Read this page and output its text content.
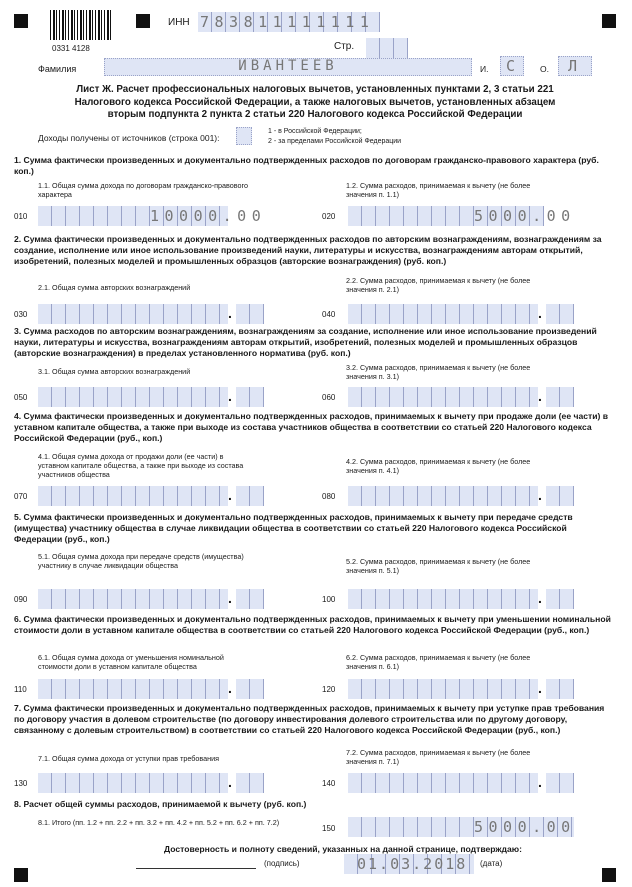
0331 4128
ИНН 783811111111
Стр.
Фамилия	ИВАНТЕЕВ	И. С О. Л
Лист Ж. Расчет профессиональных налоговых вычетов, установленных пунктами 2, 3 статьи 221 Налогового кодекса Российской Федерации, а также налоговых вычетов, установленных абзацем вторым подпункта 2 пункта 2 статьи 220 Налогового кодекса Российской Федерации
Доходы получены от источников (строка 001):
1 - в Российской Федерации;
2 - за пределами Российской Федерации
1. Сумма фактически произведенных и документально подтвержденных расходов по договорам гражданско-правового характера (руб. коп.)
1.1. Общая сумма дохода по договорам гражданско-правового характера
1.2. Сумма расходов, принимаемая к вычету (не более значения п. 1.1)
010	10000.00	020	5000.00
2. Сумма фактически произведенных и документально подтвержденных расходов по авторским вознаграждениям, вознаграждениям за создание, исполнение или иное использование произведений науки, литературы и искусства, вознаграждениям авторам открытий, изобретений, полезных моделей и промышленных образцов (авторские вознаграждения) (руб. коп.)
2.1. Общая сумма авторских вознаграждений
2.2. Сумма расходов, принимаемая к вычету (не более значения п. 2.1)
030	.	040	.
3. Сумма расходов по авторским вознаграждениям, вознаграждениям за создание, исполнение или иное использование произведений науки, литературы и искусства, вознаграждениям авторам открытий, изобретений, полезных моделей и промышленных образцов (авторские вознаграждения) в пределах установленного норматива (руб. коп.)
3.1. Общая сумма авторских вознаграждений	3.2. Сумма расходов, принимаемая к вычету (не более значения п. 3.1)
050	.	060	.
4. Сумма фактически произведенных и документально подтвержденных расходов, принимаемых к вычету при продаже доли (ее части) в уставном капитале общества, а также при выходе из состава участников общества в соответствии со статьей 220 Налогового кодекса Российской Федерации (руб., коп.)
4.1. Общая сумма дохода от продажи доли (ее части) в уставном капитале общества, а также при выходе из состава участников общества
4.2. Сумма расходов, принимаемая к вычету (не более значения п. 4.1)
070	.	080	.
5. Сумма фактически произведенных и документально подтвержденных расходов, принимаемых к вычету при передаче средств (имущества) участнику общества в случае ликвидации общества в соответствии со статьей 220 Налогового кодекса Российской Федерации (руб., коп.)
5.1. Общая сумма дохода при передаче средств (имущества) участнику в случае ликвидации общества	5.2. Сумма расходов, принимаемая к вычету (не более значения п. 5.1)
090	.	100	.
6. Сумма фактически произведенных и документально подтвержденных расходов, принимаемых к вычету при уменьшении номинальной стоимости доли в уставном капитале общества в соответствии со статьей 220 Налогового кодекса Российской Федерации (руб., коп.)
6.1. Общая сумма дохода от уменьшения номинальной стоимости доли в уставном капитале общества
6.2. Сумма расходов, принимаемая к вычету (не более значения п. 6.1)
110	.	120	.
7. Сумма фактически произведенных и документально подтвержденных расходов, принимаемых к вычету при уступке прав требования по договору участия в долевом строительстве (по договору инвестирования долевого строительства или по другому договору, связанному с долевым строительством) в соответствии со статьей 220 Налогового кодекса Российской Федерации (руб., коп.)
7.1. Общая сумма дохода от уступки прав требования
7.2. Сумма расходов, принимаемая к вычету (не более значения п. 7.1)
130	.	140	.
8. Расчет общей суммы расходов, принимаемой к вычету (руб. коп.)
8.1. Итого (пп. 1.2 + пп. 2.2 + пп. 3.2 + пп. 4.2 + пп. 5.2 + пп. 6.2 + пп. 7.2)
150	5000.00
Достоверность и полноту сведений, указанных на данной странице, подтверждаю:
(подпись)	01.03.2018 (дата)
